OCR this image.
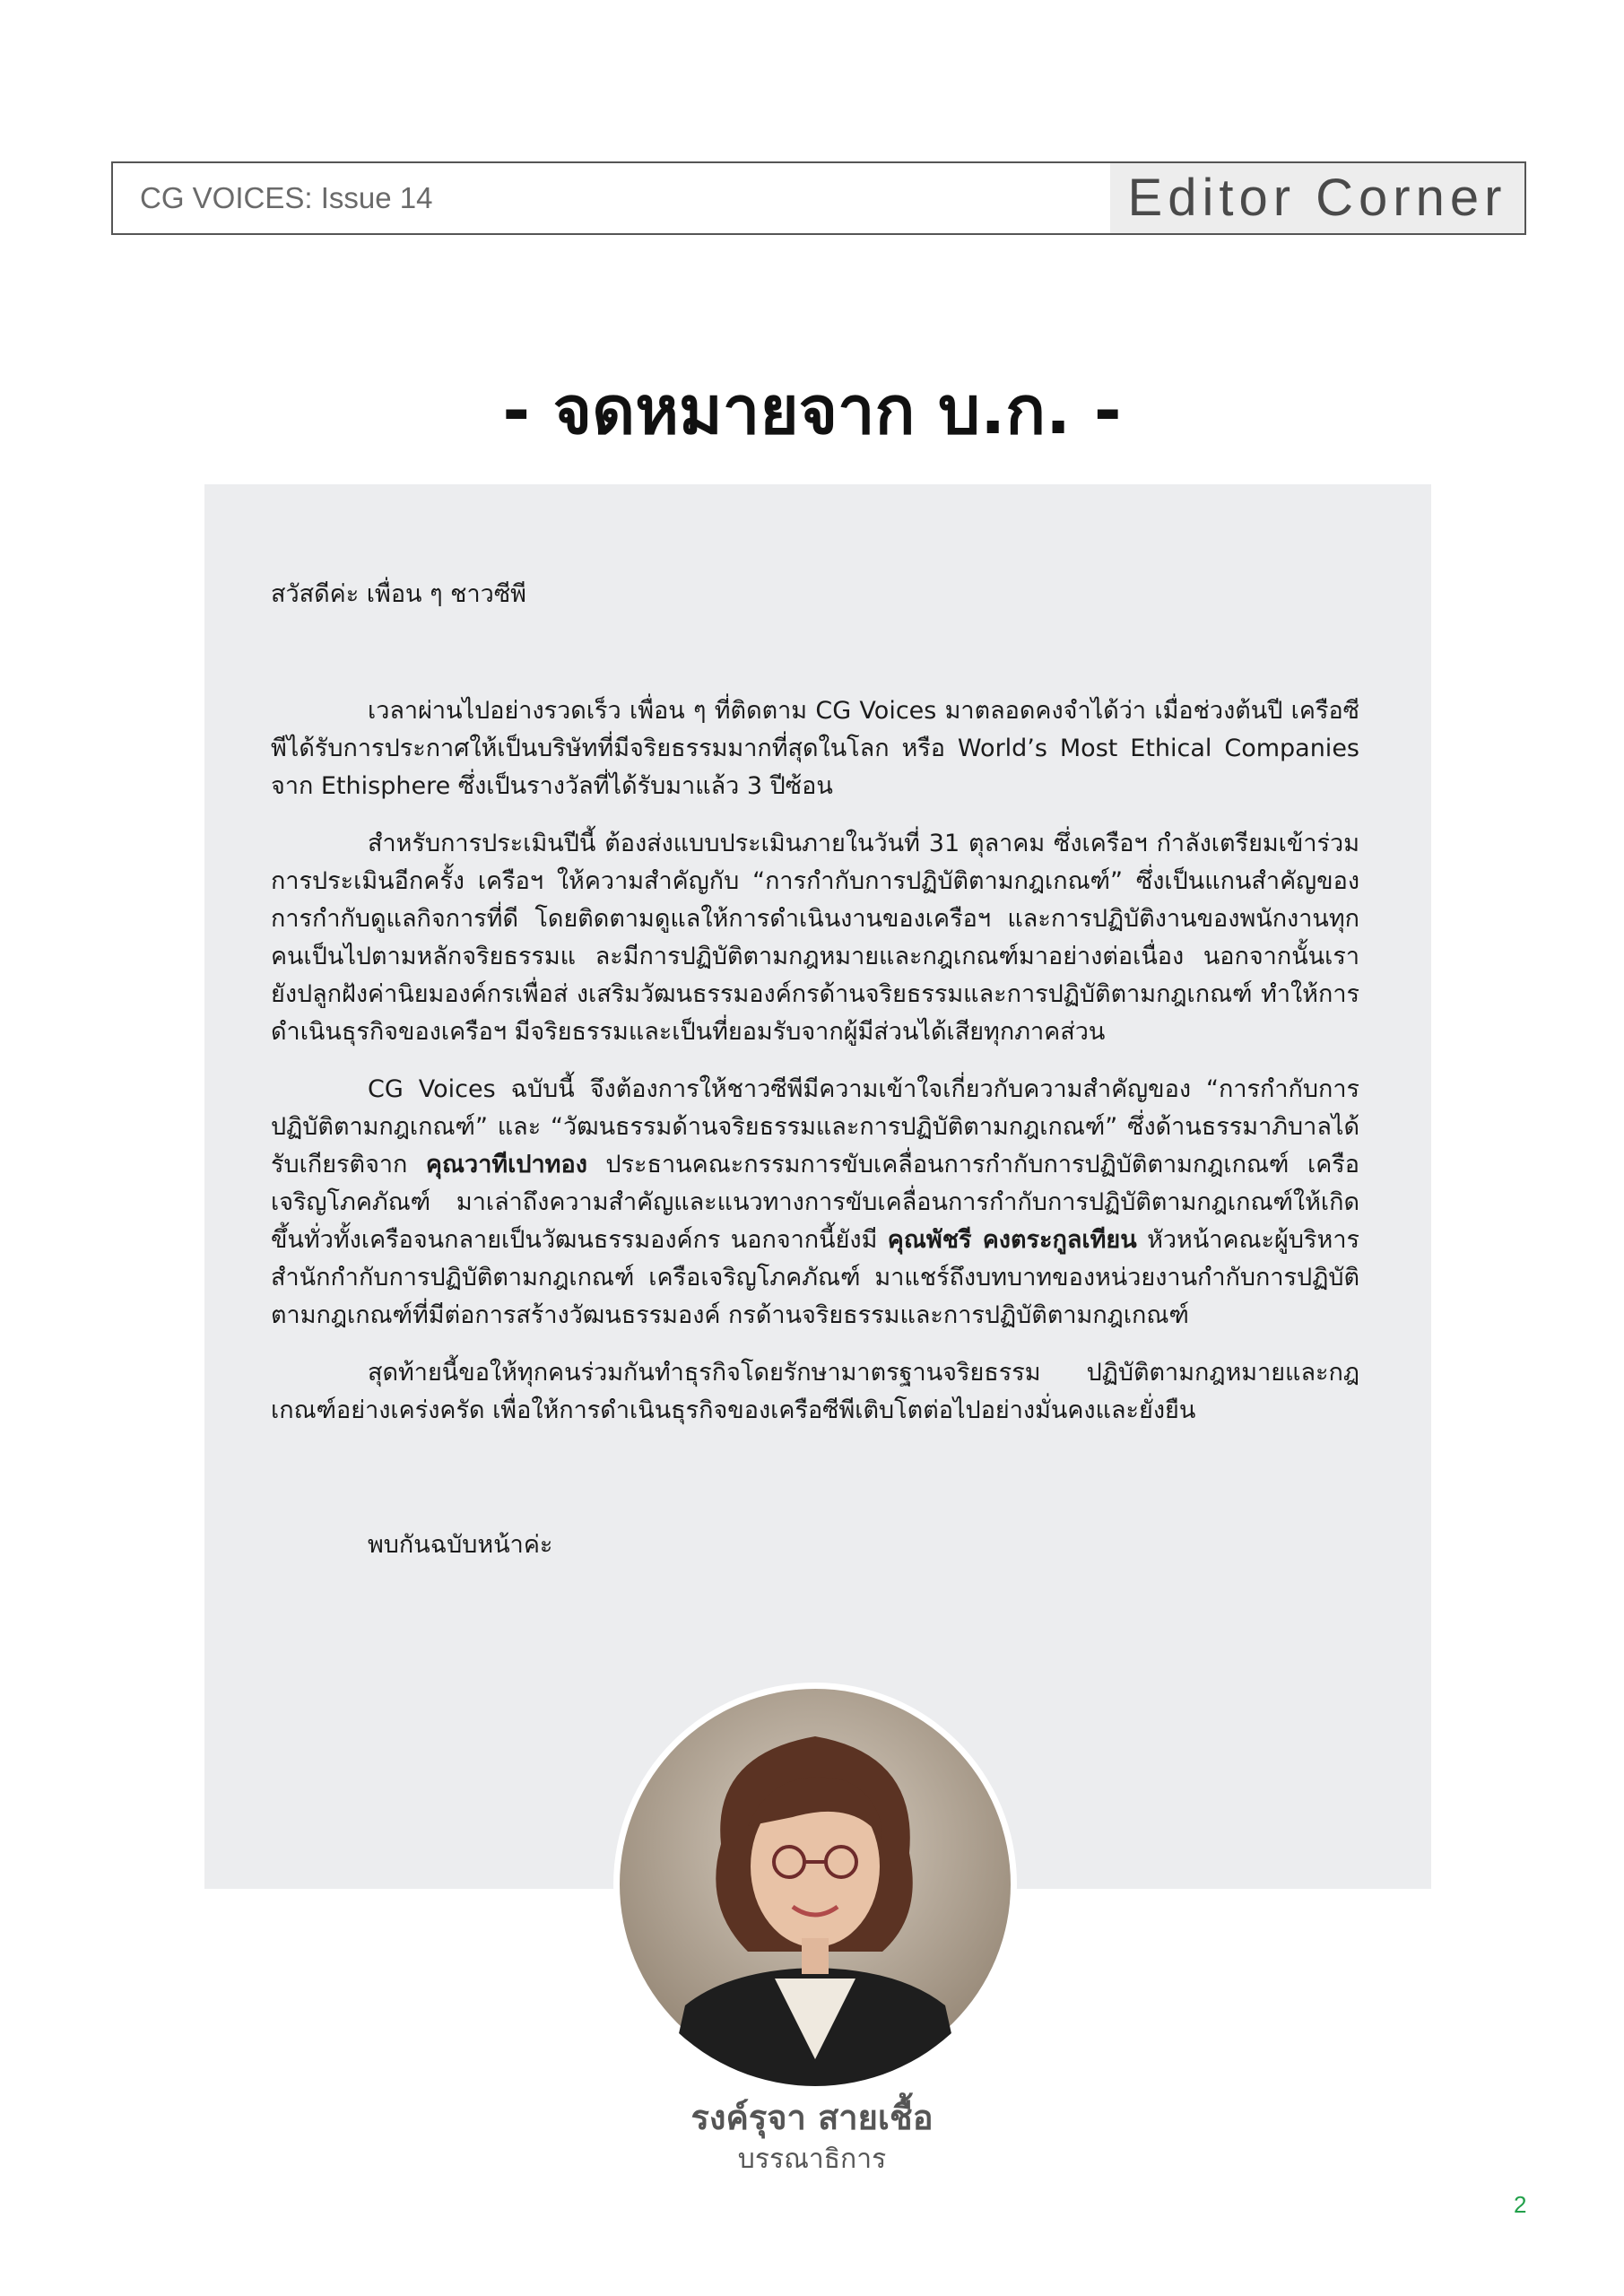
CG VOICES: Issue 14	Editor Corner
- จดหมายจาก บ.ก. -
สวัสดีค่ะ เพื่อน ๆ ชาวซีพี

เวลาผ่านไปอย่างรวดเร็ว เพื่อน ๆ ที่ติดตาม CG Voices มาตลอดคงจำได้ว่า เมื่อช่วงต้นปี เครือซีพีได้รับการประกาศให้เป็นบริษัทที่มีจริยธรรมมากที่สุดในโลก หรือ World’s Most Ethical Companies จาก Ethisphere ซึ่งเป็นรางวัลที่ได้รับมาแล้ว 3 ปีซ้อน

สำหรับการประเมินปีนี้ ต้องส่งแบบประเมินภายในวันที่ 31 ตุลาคม ซึ่งเครือฯ กำลังเตรียมเข้าร่วมการประเมินอีกครั้ง เครือฯ ให้ความสำคัญกับ “การกำกับการปฏิบัติตามกฎเกณฑ์” ซึ่งเป็นแกนสำคัญของการกำกับดูแลกิจการที่ดี โดยติดตามดูแลให้การดำเนินงานของเครือฯ และการปฏิบัติงานของพนักงานทุกคนเป็นไปตามหลักจริยธรรมแ ละมีการปฏิบัติตามกฎหมายและกฎเกณฑ์มาอย่างต่อเนื่อง นอกจากนั้นเรายังปลูกฝังค่านิยมองค์กรเพื่อส่ งเสริมวัฒนธรรมองค์กรด้านจริยธรรมและการปฏิบัติตามกฎเกณฑ์ ทำให้การดำเนินธุรกิจของเครือฯ มีจริยธรรมและเป็นที่ยอมรับจากผู้มีส่วนได้เสียทุกภาคส่วน

CG Voices ฉบับนี้ จึงต้องการให้ชาวซีพีมีความเข้าใจเกี่ยวกับความสำคัญของ “การกำกับการปฏิบัติตามกฎเกณฑ์” และ “วัฒนธรรมด้านจริยธรรมและการปฏิบัติตามกฎเกณฑ์” ซึ่งด้านธรรมาภิบาลได้รับเกียรติจาก คุณวาทีเปาทอง ประธานคณะกรรมการขับเคลื่อนการกำกับการปฏิบัติตามกฎเกณฑ์ เครือเจริญโภคภัณฑ์ มาเล่าถึงความสำคัญและแนวทางการขับเคลื่อนการกำกับการปฏิบัติตามกฎเกณฑ์ให้เกิดขึ้นทั่วทั้งเครือจนกลายเป็นวัฒนธรรมองค์กร นอกจากนี้ยังมี คุณพัชรี คงตระกูลเทียน หัวหน้าคณะผู้บริหารสำนักกำกับการปฏิบัติตามกฎเกณฑ์ เครือเจริญโภคภัณฑ์ มาแชร์ถึงบทบาทของหน่วยงานกำกับการปฏิบัติตามกฎเกณฑ์ที่มีต่อการสร้างวัฒนธรรมองค์ กรด้านจริยธรรมและการปฏิบัติตามกฎเกณฑ์

สุดท้ายนี้ขอให้ทุกคนร่วมกันทำธุรกิจโดยรักษามาตรฐานจริยธรรม ปฏิบัติตามกฎหมายและกฎเกณฑ์อย่างเคร่งครัด เพื่อให้การดำเนินธุรกิจของเครือซีพีเติบโตต่อไปอย่างมั่นคงและยั่งยืน

พบกันฉบับหน้าค่ะ
รงค์รุจา สายเชื้อ
บรรณาธิการ
2
